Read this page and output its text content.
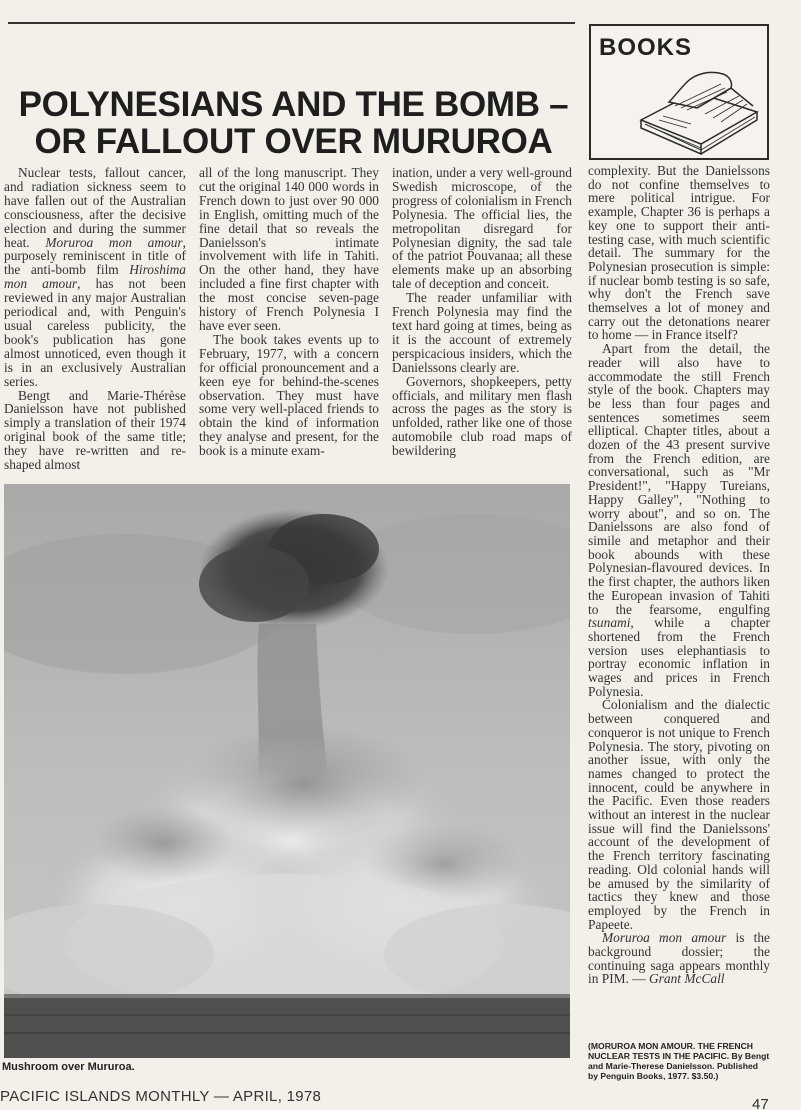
BOOKS
POLYNESIANS AND THE BOMB –
OR FALLOUT OVER MURUROA

Nuclear tests, fallout cancer, and radiation sickness seem to have fallen out of the Australian consciousness, after the decisive election and during the summer heat. Moruroa mon amour, purposely reminiscent in title of the anti-bomb film Hiroshima mon amour, has not been reviewed in any major Australian periodical and, with Penguin's usual careless publicity, the book's publication has gone almost unnoticed, even though it is in an exclusively Australian series.

Bengt and Marie-Thérèse Danielsson have not published simply a translation of their 1974 original book of the same title; they have re-written and re-shaped almost

all of the long manuscript. They cut the original 140 000 words in French down to just over 90 000 in English, omitting much of the fine detail that so reveals the Danielsson's intimate involvement with life in Tahiti. On the other hand, they have included a fine first chapter with the most concise seven-page history of French Polynesia I have ever seen.

The book takes events up to February, 1977, with a concern for official pronouncement and a keen eye for behind-the-scenes observation. They must have some very well-placed friends to obtain the kind of information they analyse and present, for the book is a minute exam-

ination, under a very well-ground Swedish microscope, of the progress of colonialism in French Polynesia. The official lies, the metropolitan disregard for Polynesian dignity, the sad tale of the patriot Pouvanaa; all these elements make up an absorbing tale of deception and conceit.

The reader unfamiliar with French Polynesia may find the text hard going at times, being as it is the account of extremely perspicacious insiders, which the Danielssons clearly are.

Governors, shopkeepers, petty officials, and military men flash across the pages as the story is unfolded, rather like one of those automobile club road maps of bewildering

complexity. But the Danielssons do not confine themselves to mere political intrigue. For example, Chapter 36 is perhaps a key one to support their anti-testing case, with much scientific detail. The summary for the Polynesian prosecution is simple: if nuclear bomb testing is so safe, why don't the French save themselves a lot of money and carry out the detonations nearer to home — in France itself?

Apart from the detail, the reader will also have to accommodate the still French style of the book. Chapters may be less than four pages and sentences sometimes seem elliptical. Chapter titles, about a dozen of the 43 present survive from the French edition, are conversational, such as "Mr President!", "Happy Tureians, Happy Galley", "Nothing to worry about", and so on. The Danielssons are also fond of simile and metaphor and their book abounds with these Polynesian-flavoured devices. In the first chapter, the authors liken the European invasion of Tahiti to the fearsome, engulfing tsunami, while a chapter shortened from the French version uses elephantiasis to portray economic inflation in wages and prices in French Polynesia.

Colonialism and the dialectic between conquered and conqueror is not unique to French Polynesia. The story, pivoting on another issue, with only the names changed to protect the innocent, could be anywhere in the Pacific. Even those readers without an interest in the nuclear issue will find the Danielssons' account of the development of the French territory fascinating reading. Old colonial hands will be amused by the similarity of tactics they knew and those employed by the French in Papeete.

Moruroa mon amour is the background dossier; the continuing saga appears monthly in PIM. — Grant McCall

(MORUROA MON AMOUR. THE FRENCH NUCLEAR TESTS IN THE PACIFIC. By Bengt and Marie-Therese Danielsson. Published by Penguin Books, 1977. $3.50.)
Mushroom over Mururoa.
PACIFIC ISLANDS MONTHLY — APRIL, 1978	47
